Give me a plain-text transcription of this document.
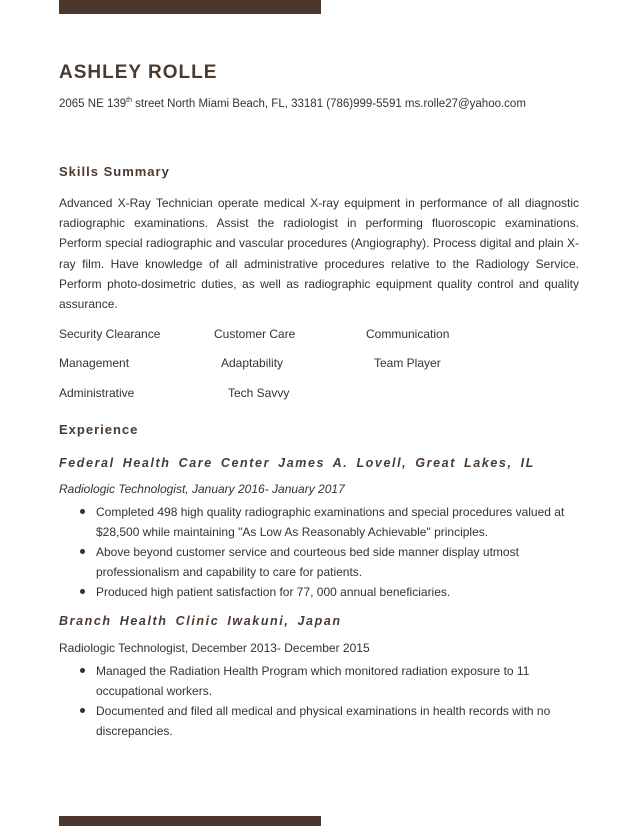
ASHLEY ROLLE
2065 NE 139th street North Miami Beach, FL, 33181 (786)999-5591 ms.rolle27@yahoo.com
Skills Summary
Advanced X-Ray Technician operate medical X-ray equipment in performance of all diagnostic radiographic examinations. Assist the radiologist in performing fluoroscopic examinations. Perform special radiographic and vascular procedures (Angiography). Process digital and plain X-ray film. Have knowledge of all administrative procedures relative to the Radiology Service. Perform photo-dosimetric duties, as well as radiographic equipment quality control and quality assurance.
Security Clearance	Customer Care	Communication
Management	Adaptability	Team Player
Administrative	Tech Savvy
Experience
Federal Health Care Center James A. Lovell, Great Lakes, IL
Radiologic Technologist, January 2016- January 2017
Completed 498 high quality radiographic examinations and special procedures valued at $28,500 while maintaining "As Low As Reasonably Achievable" principles.
Above beyond customer service and courteous bed side manner display utmost professionalism and capability to care for patients.
Produced high patient satisfaction for 77, 000 annual beneficiaries.
Branch Health Clinic Iwakuni, Japan
Radiologic Technologist, December 2013- December 2015
Managed the Radiation Health Program which monitored radiation exposure to 11 occupational workers.
Documented and filed all medical and physical examinations in health records with no discrepancies.
